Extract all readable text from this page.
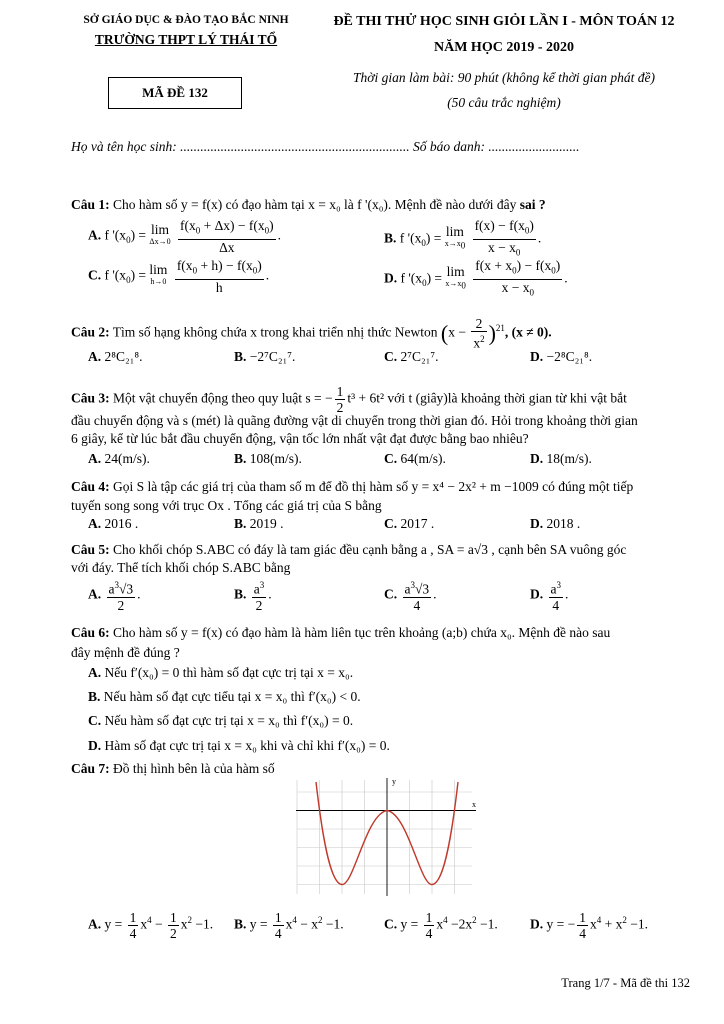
SỞ GIÁO DỤC & ĐÀO TẠO BẮC NINH
TRƯỜNG THPT LÝ THÁI TỔ
MÃ ĐỀ 132
ĐỀ THI THỬ HỌC SINH GIỎI LẦN I - MÔN TOÁN 12
NĂM HỌC 2019 - 2020
Thời gian làm bài: 90 phút (không kể thời gian phát đề)
(50 câu trắc nghiệm)
Họ và tên học sinh: .................................................................... Số báo danh: ...........................
Câu 1: Cho hàm số y = f(x) có đạo hàm tại x = x₀ là f '(x₀). Mệnh đề nào dưới đây sai ?
A. f '$(x_0) = \lim$
Δx→0
$\frac{f(x_0 + \Delta x) - f(x_0)}{\Delta x}$ .	B. f '$(x_0) = \lim$
$x\to x_0$
$\frac{f(x) - f(x_0)}{x - x_0}$ .
C. f '$(x_0) = \lim$
h→0
$\frac{f(x_0 + h) - f(x_0)}{h}$ .	D. f '$(x_0) = \lim$
$x\to x_0$
$\frac{f(x + x_0) - f(x_0)}{x - x_0}$ .
Câu 2: Tìm số hạng không chứa x trong khai triển nhị thức Newton $(x - \frac{2}{x^2} )^{21}$, (x ≠ 0).
A. 2⁸C₂₁⁸.	B. −2⁷C₂₁⁷.	C. 2⁷C₂₁⁷.	D. −2⁸C₂₁⁸.
Câu 3: Một vật chuyển động theo quy luật s = − $\frac{1}{2} t^3 + 6t^2$ với t (giây)là khoảng thời gian từ khi vật bắt
đầu chuyển động và s (mét) là quãng đường vật di chuyển trong thời gian đó. Hỏi trong khoảng thời gian
6 giây, kể từ lúc bắt đầu chuyển động, vận tốc lớn nhất vật đạt được bằng bao nhiêu?
A. 24(m/s).	B. 108(m/s).	C. 64(m/s).	D. 18(m/s).
Câu 4: Gọi S là tập các giá trị của tham số m để đồ thị hàm số y = x⁴ − 2x² + m −1009 có đúng một tiếp
tuyến song song với trục Ox . Tổng các giá trị của S bằng
A. 2016 .	B. 2019 .	C. 2017 .	D. 2018 .
Câu 5: Cho khối chóp S.ABC có đáy là tam giác đều cạnh bằng a , SA = a√3 , cạnh bên SA vuông góc
với đáy. Thể tích khối chóp S.ABC bằng
A. $\frac{a^3√3}{2}$ .	B. $\frac{a^3}{2}$ .	C. $\frac{a^3√3}{4}$ .	D. $\frac{a^3}{4}$ .
Câu 6: Cho hàm số y = f(x) có đạo hàm là hàm liên tục trên khoảng (a;b) chứa x₀. Mệnh đề nào sau
đây mệnh đề đúng ?
A. Nếu f′(x₀) = 0 thì hàm số đạt cực trị tại x = x₀.
B. Nếu hàm số đạt cực tiểu tại x = x₀ thì f′(x₀) < 0.
C. Nếu hàm số đạt cực trị tại x = x₀ thì f′(x₀) = 0.
D. Hàm số đạt cực trị tại x = x₀ khi và chỉ khi f′(x₀) = 0.
Câu 7: Đồ thị hình bên là của hàm số
y
x
A. $y = \frac{1}{4} x^4 - \frac{1}{2} x^2 -1$. B. $y = \frac{1}{4} x^4 - x^2 -1$.	C. $y = \frac{1}{4} x^4 -2x^2 -1$. D. y = − $\frac{1}{4} x^4 + x^2 -1$.
Trang 1/7 - Mã đề thi 132
